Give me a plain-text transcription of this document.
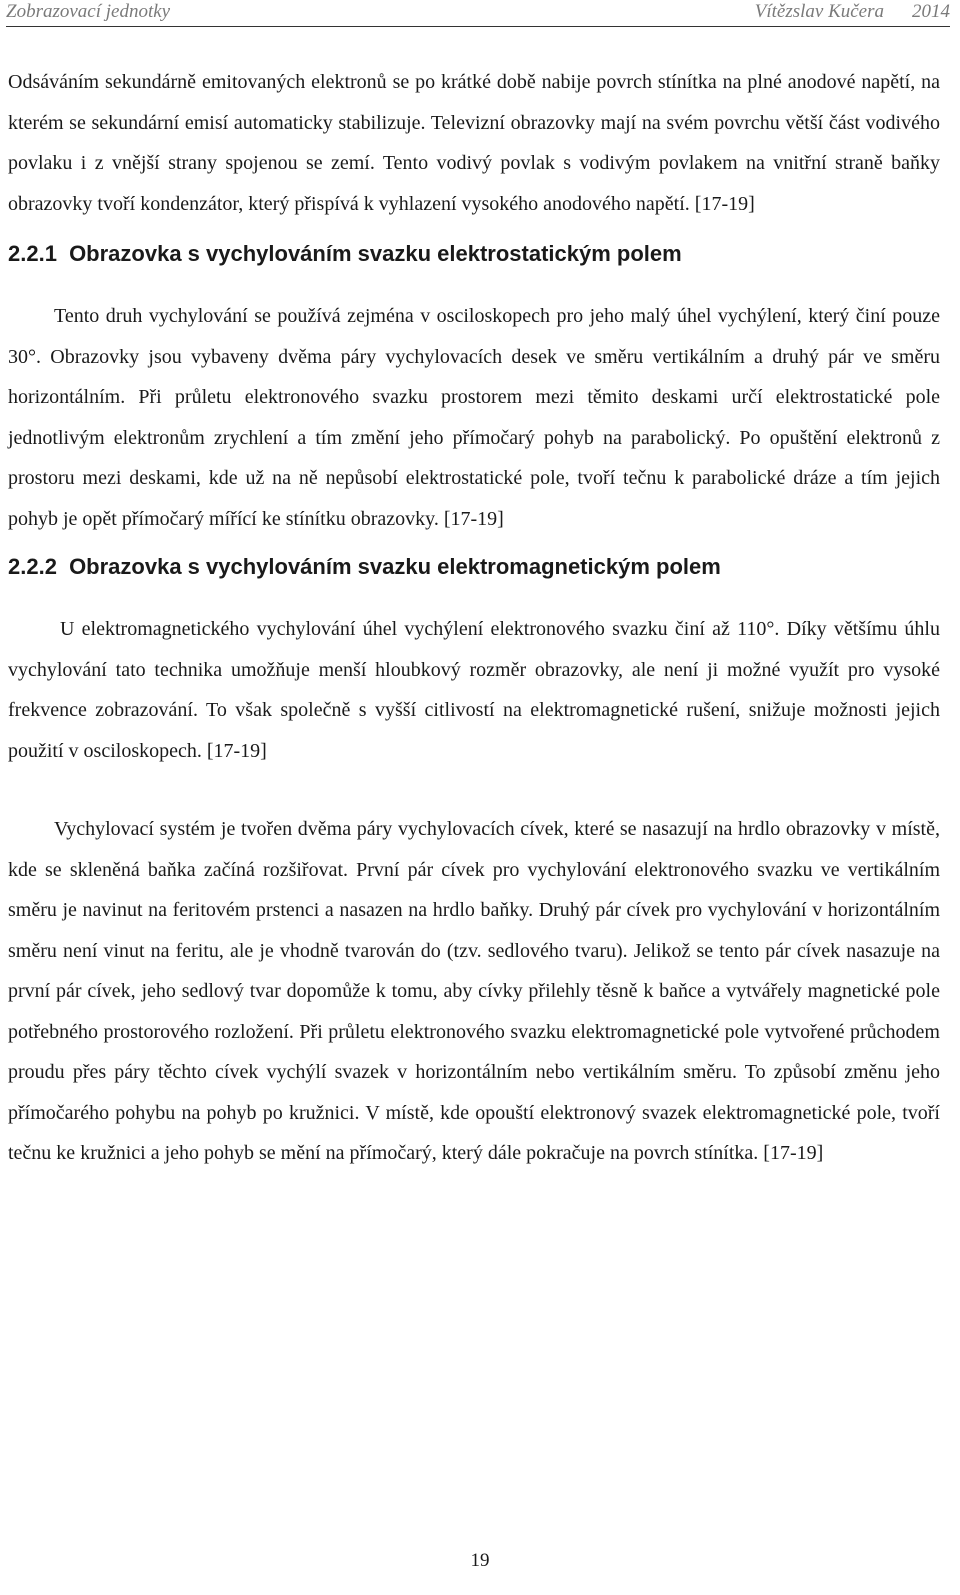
Zobrazovací jednotky	Vítězslav Kučera 2014

Odsáváním sekundárně emitovaných elektronů se po krátké době nabije povrch stínítka na plné anodové napětí, na kterém se sekundární emisí automaticky stabilizuje. Televizní obrazovky mají na svém povrchu větší část vodivého povlaku i z vnější strany spojenou se zemí. Tento vodivý povlak s vodivým povlakem na vnitřní straně baňky obrazovky tvoří kondenzátor, který přispívá k vyhlazení vysokého anodového napětí. [17-19]

2.2.1 Obrazovka s vychylováním svazku elektrostatickým polem

Tento druh vychylování se používá zejména v osciloskopech pro jeho malý úhel vychýlení, který činí pouze 30°. Obrazovky jsou vybaveny dvěma páry vychylovacích desek ve směru vertikálním a druhý pár ve směru horizontálním. Při průletu elektronového svazku prostorem mezi těmito deskami určí elektrostatické pole jednotlivým elektronům zrychlení a tím změní jeho přímočarý pohyb na parabolický. Po opuštění elektronů z prostoru mezi deskami, kde už na ně nepůsobí elektrostatické pole, tvoří tečnu k parabolické dráze a tím jejich pohyb je opět přímočarý mířící ke stínítku obrazovky. [17-19]

2.2.2 Obrazovka s vychylováním svazku elektromagnetickým polem

U elektromagnetického vychylování úhel vychýlení elektronového svazku činí až 110°. Díky většímu úhlu vychylování tato technika umožňuje menší hloubkový rozměr obrazovky, ale není ji možné využít pro vysoké frekvence zobrazování. To však společně s vyšší citlivostí na elektromagnetické rušení, snižuje možnosti jejich použití v osciloskopech. [17-19]

Vychylovací systém je tvořen dvěma páry vychylovacích cívek, které se nasazují na hrdlo obrazovky v místě, kde se skleněná baňka začíná rozšiřovat. První pár cívek pro vychylování elektronového svazku ve vertikálním směru je navinut na feritovém prstenci a nasazen na hrdlo baňky. Druhý pár cívek pro vychylování v horizontálním směru není vinut na feritu, ale je vhodně tvarován do (tzv. sedlového tvaru). Jelikož se tento pár cívek nasazuje na první pár cívek, jeho sedlový tvar dopomůže k tomu, aby cívky přilehly těsně k baňce a vytvářely magnetické pole potřebného prostorového rozložení. Při průletu elektronového svazku elektromagnetické pole vytvořené průchodem proudu přes páry těchto cívek vychýlí svazek v horizontálním nebo vertikálním směru. To způsobí změnu jeho přímočarého pohybu na pohyb po kružnici. V místě, kde opouští elektronový svazek elektromagnetické pole, tvoří tečnu ke kružnici a jeho pohyb se mění na přímočarý, který dále pokračuje na povrch stínítka. [17-19]

19
